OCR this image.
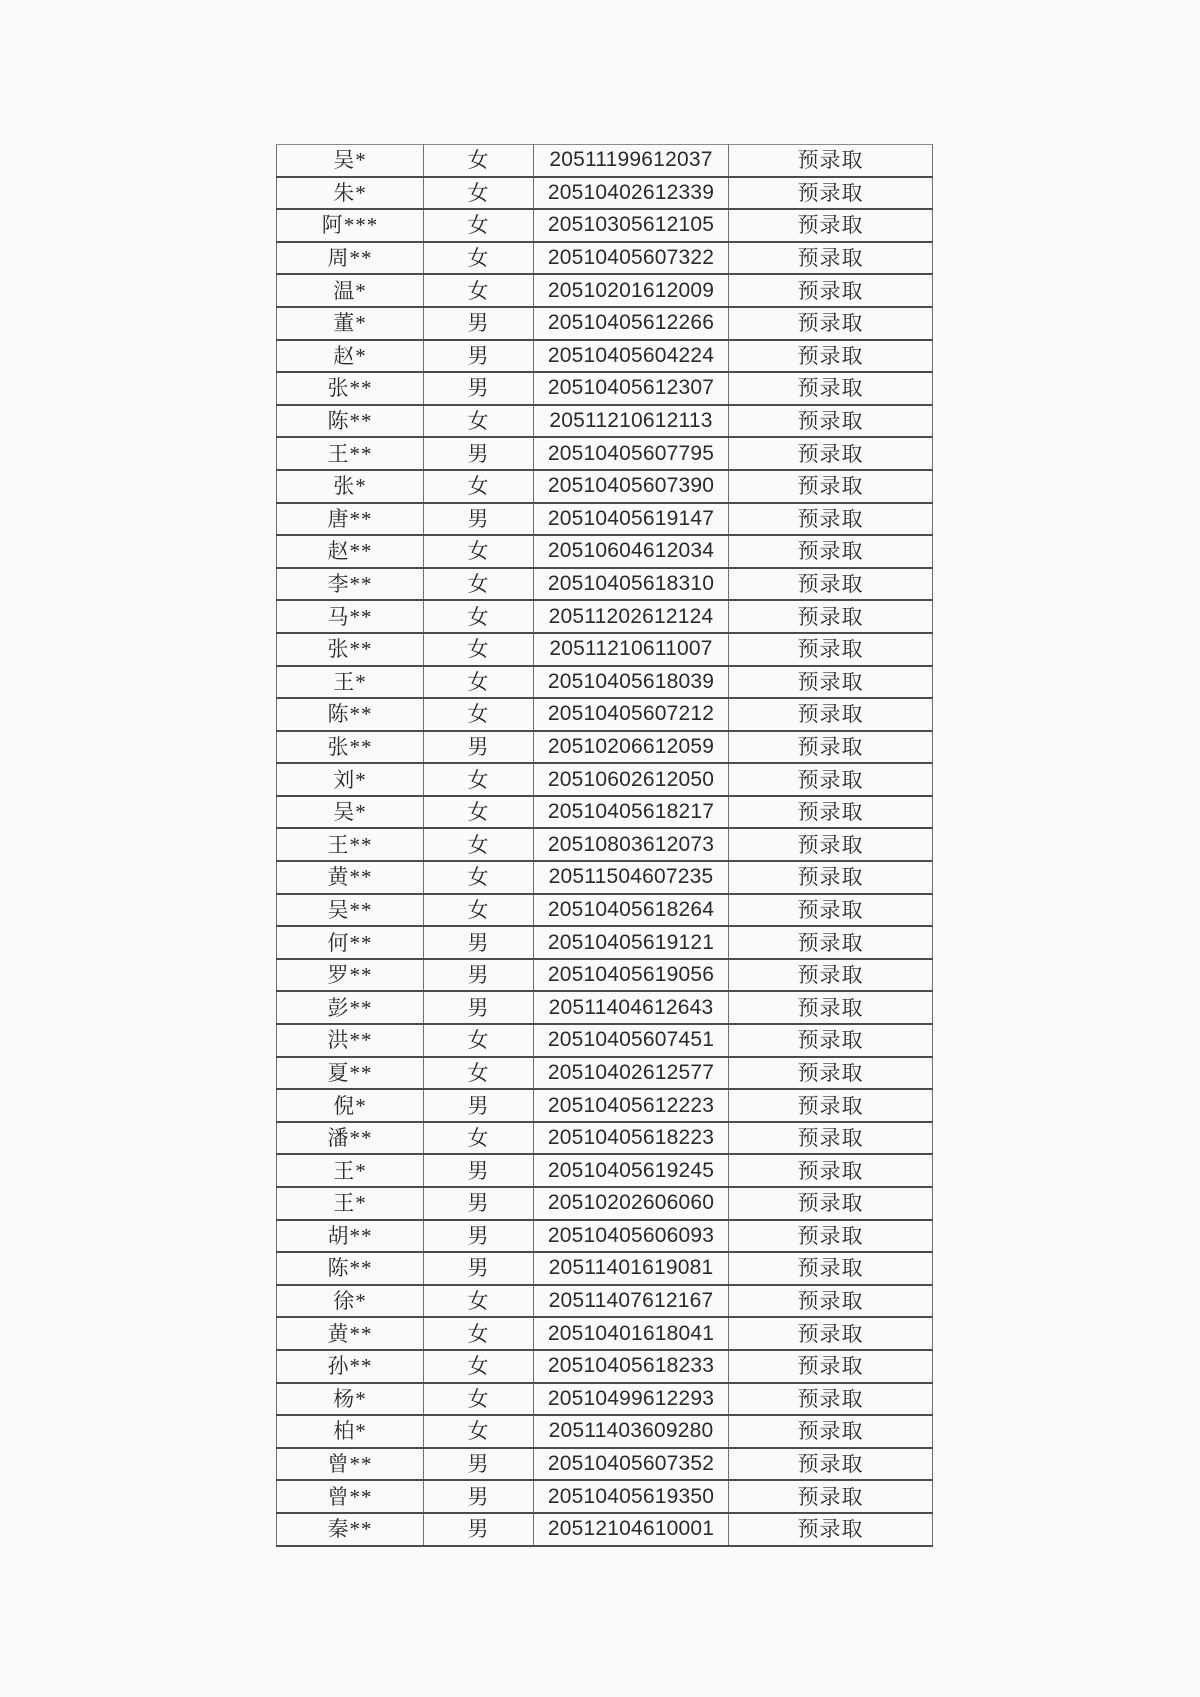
吴*	女	20511199612037	预录取
朱*	女	20510402612339	预录取
阿***	女	20510305612105	预录取
周**	女	20510405607322	预录取
温*	女	20510201612009	预录取
董*	男	20510405612266	预录取
赵*	男	20510405604224	预录取
张**	男	20510405612307	预录取
陈**	女	20511210612113	预录取
王**	男	20510405607795	预录取
张*	女	20510405607390	预录取
唐**	男	20510405619147	预录取
赵**	女	20510604612034	预录取
李**	女	20510405618310	预录取
马**	女	20511202612124	预录取
张**	女	20511210611007	预录取
王*	女	20510405618039	预录取
陈**	女	20510405607212	预录取
张**	男	20510206612059	预录取
刘*	女	20510602612050	预录取
吴*	女	20510405618217	预录取
王**	女	20510803612073	预录取
黄**	女	20511504607235	预录取
吴**	女	20510405618264	预录取
何**	男	20510405619121	预录取
罗**	男	20510405619056	预录取
彭**	男	20511404612643	预录取
洪**	女	20510405607451	预录取
夏**	女	20510402612577	预录取
倪*	男	20510405612223	预录取
潘**	女	20510405618223	预录取
王*	男	20510405619245	预录取
王*	男	20510202606060	预录取
胡**	男	20510405606093	预录取
陈**	男	20511401619081	预录取
徐*	女	20511407612167	预录取
黄**	女	20510401618041	预录取
孙**	女	20510405618233	预录取
杨*	女	20510499612293	预录取
柏*	女	20511403609280	预录取
曾**	男	20510405607352	预录取
曾**	男	20510405619350	预录取
秦**	男	20512104610001	预录取
